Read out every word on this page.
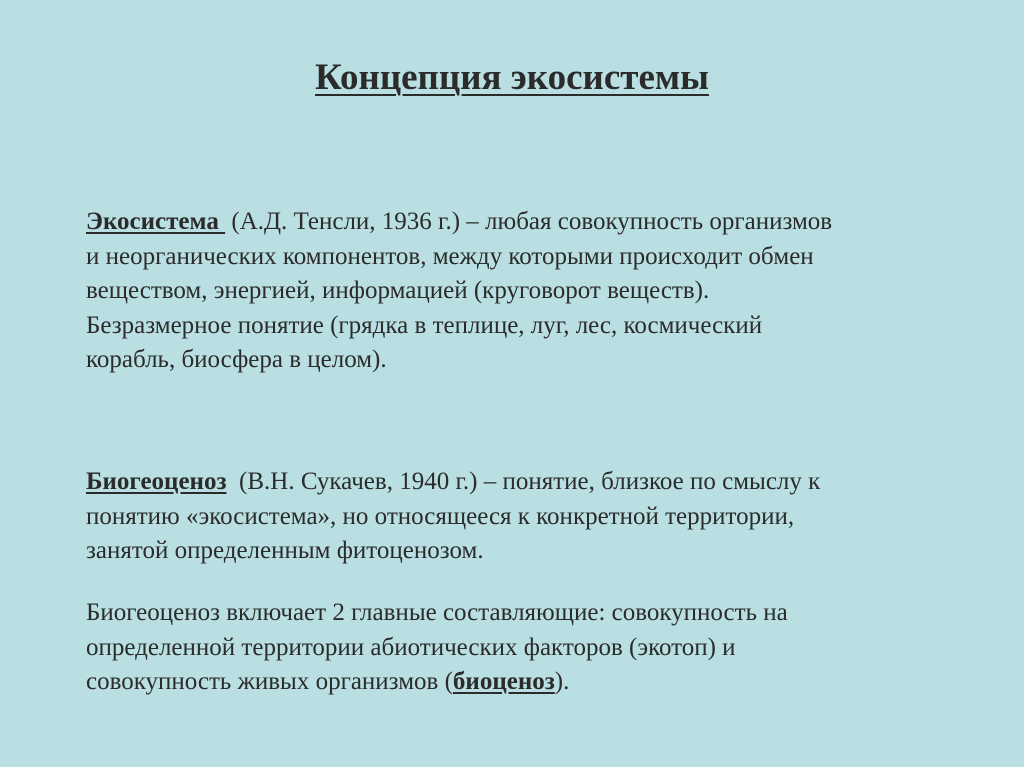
Концепция экосистемы
Экосистема  (А.Д. Тенсли, 1936 г.) – любая совокупность организмов
и неорганических компонентов, между которыми происходит обмен
веществом, энергией, информацией (круговорот веществ).
Безразмерное понятие (грядка в теплице, луг, лес, космический
корабль, биосфера в целом).
Биогеоценоз  (В.Н. Сукачев, 1940 г.) – понятие, близкое по смыслу к
понятию «экосистема», но относящееся к конкретной территории,
занятой определенным фитоценозом.
Биогеоценоз включает 2 главные составляющие: совокупность на
определенной территории абиотических факторов (экотоп) и
совокупность живых организмов (биоценоз).
